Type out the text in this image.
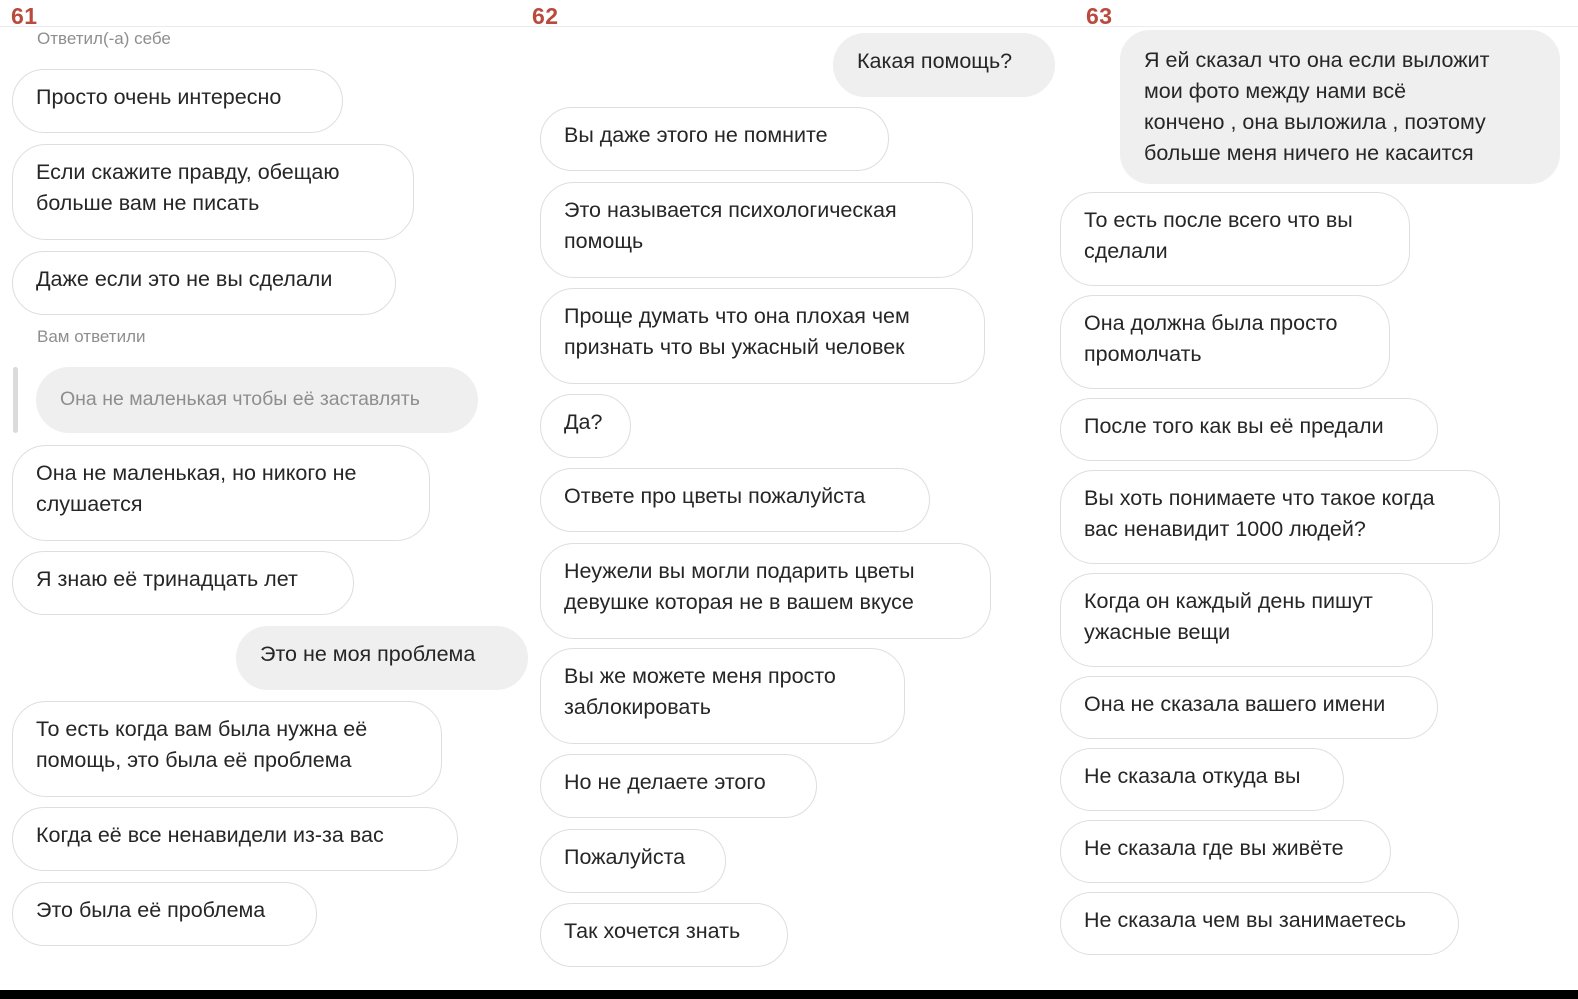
61
Ответил(-а) себе
Просто очень интересно
Если скажите правду, обещаю
больше вам не писать
Даже если это не вы сделали
Вам ответили
Она не маленькая чтобы её заставлять
Она не маленькая, но никого не
слушается
Я знаю её тринадцать лет
Это не моя проблема
То есть когда вам была нужна её
помощь, это была её проблема
Когда её все ненавидели из-за вас
Это была её проблема
62
Какая помощь?
Вы даже этого не помните
Это называется психологическая
помощь
Проще думать что она плохая чем
признать что вы ужасный человек
Да?
Ответе про цветы пожалуйста
Неужели вы могли подарить цветы
девушке которая не в вашем вкусе
Вы же можете меня просто
заблокировать
Но не делаете этого
Пожалуйста
Так хочется знать
63
Я ей сказал что она если выложит
мои фото между нами всё
кончено , она выложила , поэтому
больше меня ничего не касаится
То есть после всего что вы
сделали
Она должна была просто
промолчать
После того как вы её предали
Вы хоть понимаете что такое когда
вас ненавидит 1000 людей?
Когда он каждый день пишут
ужасные вещи
Она не сказала вашего имени
Не сказала откуда вы
Не сказала где вы живёте
Не сказала чем вы занимаетесь
